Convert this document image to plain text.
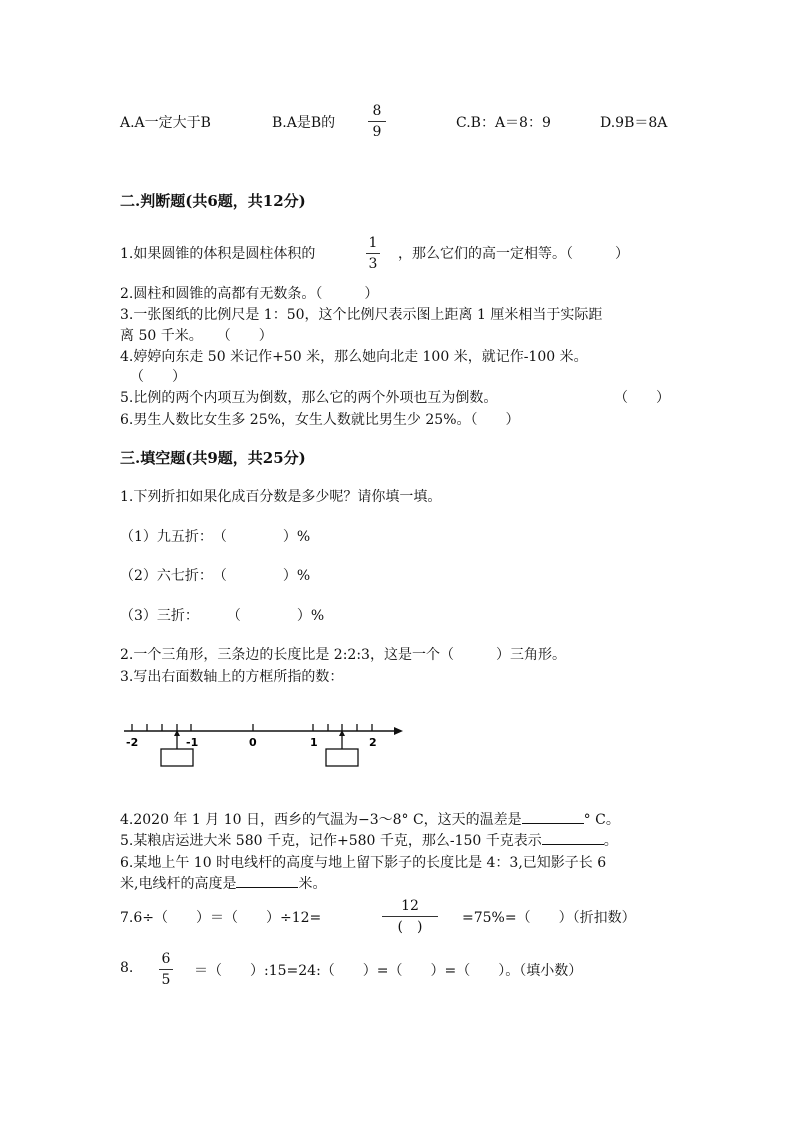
A.A一定大于B	B.A是B的
8
9
C.B：A＝8：9	D.9B＝8A
二.判断题(共6题，共12分)
1.如果圆锥的体积是圆柱体积的
1
3
，那么它们的高一定相等。（　　　）
2.圆柱和圆锥的高都有无数条。（　　　）
3.一张图纸的比例尺是 1：50，这个比例尺表示图上距离 1 厘米相当于实际距
离 50 千米。　　（　　）
4.婷婷向东走 50 米记作+50 米，那么她向北走 100 米，就记作-100 米。
（　　）
5.比例的两个内项互为倒数，那么它的两个外项也互为倒数。	（　　）
6.男生人数比女生多 25%，女生人数就比男生少 25%。（　　）
三.填空题(共9题，共25分)
1.下列折扣如果化成百分数是多少呢？请你填一填。
（1）九五折：　（　　　　）%
（2）六七折：　（　　　　）%
（3）三折：　　　（　　　　）%
2.一个三角形，三条边的长度比是 2:2:3，这是一个（　　　）三角形。
3.写出右面数轴上的方框所指的数：
-2	-1	0	1	2
4.2020 年 1 月 10 日，西乡的气温为−3～8° C，这天的温差是	° C。
5.某粮店运进大米 580 千克，记作+580 千克，那么-150 千克表示	。
6.某地上午 10 时电线杆的高度与地上留下影子的长度比是 4：3,已知影子长 6
米,电线杆的高度是	米。
7.6÷（　　）＝（　　）÷12=
12
(　)
=75%=（　　）（折扣数）
8.
6
5
＝（　　）:15=24:（　　）=（　　）=（　　）。（填小数）
